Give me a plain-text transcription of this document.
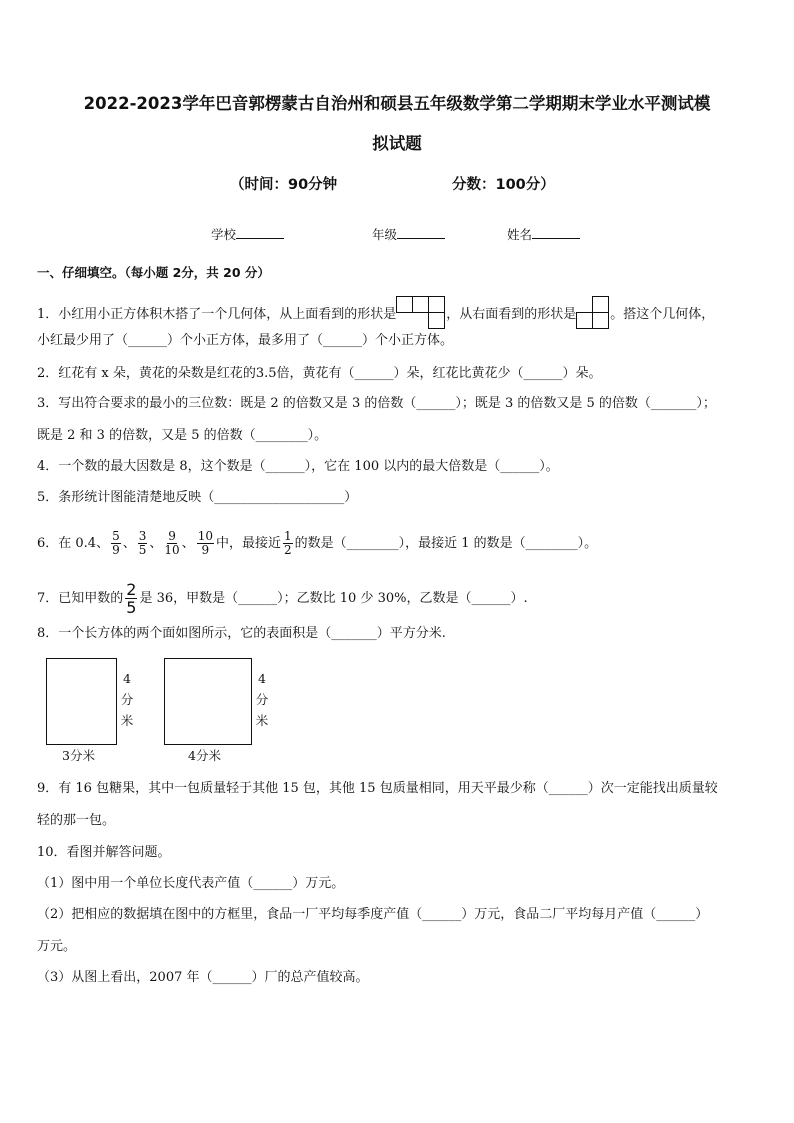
2022-2023学年巴音郭楞蒙古自治州和硕县五年级数学第二学期期末学业水平测试模
拟试题
（时间：90分钟	分数：100分）
学校	年级	姓名
一、仔细填空。（每小题 2分，共 20 分）
1．小红用小正方体积木搭了一个几何体，从上面看到的形状是	，从右面看到的形状是	。搭这个几何体，
小红最少用了（______）个小正方体，最多用了（______）个小正方体。
2．红花有 x 朵，黄花的朵数是红花的3.5倍，黄花有（______）朵，红花比黄花少（______）朵。
3．写出符合要求的最小的三位数：既是 2 的倍数又是 3 的倍数（______）；既是 3 的倍数又是 5 的倍数（_______）；
既是 2 和 3 的倍数，又是 5 的倍数（________）。
4．一个数的最大因数是 8，这个数是（______），它在 100 以内的最大倍数是（______）。
5．条形统计图能清楚地反映（____________________）
6．在 0.4、 $\frac{5}{9}$ 、 $\frac{3}{5}$ 、 $\frac{9}{10}$ 、 $\frac{10}{9}$ 中，最接近 $\frac{1}{2}$ 的数是（________），最接近 1 的数是（________）。
7．已知甲数的 $\frac{2}{5}$ 是 36，甲数是（______）；乙数比 10 少 30%，乙数是（______）.
8．一个长方体的两个面如图所示，它的表面积是（_______）平方分米.
4
分
米
3分米
4
分
米
4分米
9．有 16 包糖果，其中一包质量轻于其他 15 包，其他 15 包质量相同，用天平最少称（______）次一定能找出质量较
轻的那一包。
10．看图并解答问题。
（1）图中用一个单位长度代表产值（______）万元。
（2）把相应的数据填在图中的方框里，食品一厂平均每季度产值（______）万元，食品二厂平均每月产值（______）
万元。
（3）从图上看出，2007 年（______）厂的总产值较高。
